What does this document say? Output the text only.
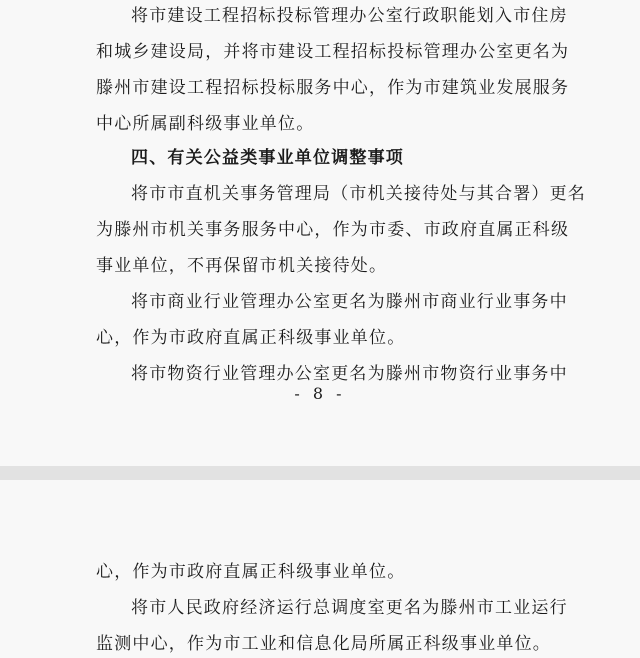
将市建设工程招标投标管理办公室行政职能划入市住房
和城乡建设局，并将市建设工程招标投标管理办公室更名为
滕州市建设工程招标投标服务中心，作为市建筑业发展服务
中心所属副科级事业单位。
四、有关公益类事业单位调整事项
将市市直机关事务管理局（市机关接待处与其合署）更名
为滕州市机关事务服务中心，作为市委、市政府直属正科级
事业单位，不再保留市机关接待处。
将市商业行业管理办公室更名为滕州市商业行业事务中
心，作为市政府直属正科级事业单位。
将市物资行业管理办公室更名为滕州市物资行业事务中
- 8 -
心，作为市政府直属正科级事业单位。
将市人民政府经济运行总调度室更名为滕州市工业运行
监测中心，作为市工业和信息化局所属正科级事业单位。
